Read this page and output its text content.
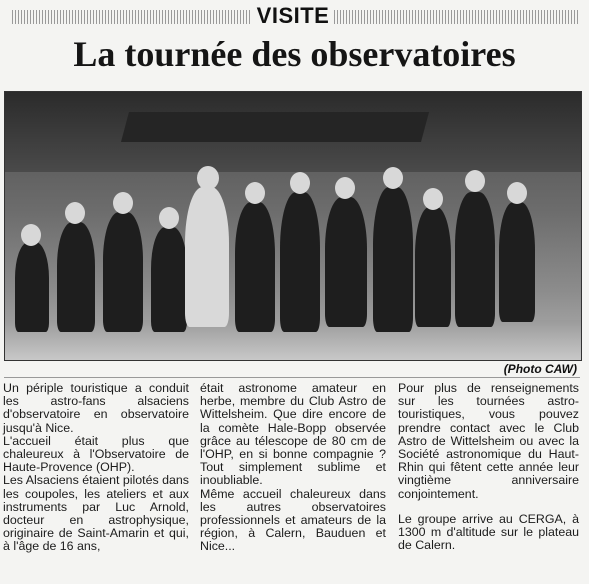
VISITE
La tournée des observatoires
(Photo CAW)

Un périple touristique a conduit les astro-fans alsaciens d'observatoire en observatoire jusqu'à Nice.

L'accueil était plus que chaleureux à l'Observatoire de Haute-Provence (OHP).

Les Alsaciens étaient pilotés dans les coupoles, les ateliers et aux instruments par Luc Arnold, docteur en astrophysique, originaire de Saint-Amarin et qui, à l'âge de 16 ans,

était astronome amateur en herbe, membre du Club Astro de Wittelsheim. Que dire encore de la comète Hale-Bopp observée grâce au télescope de 80 cm de l'OHP, en si bonne compagnie ? Tout simplement sublime et inoubliable.

Même accueil chaleureux dans les autres observatoires professionnels et amateurs de la région, à Calern, Bauduen et Nice...

Pour plus de renseignements sur les tournées astro-touristiques, vous pouvez prendre contact avec le Club Astro de Wittelsheim ou avec la Société astronomique du Haut-Rhin qui fêtent cette année leur vingtième anniversaire conjointement.

Le groupe arrive au CERGA, à 1300 m d'altitude sur le plateau de Calern.
